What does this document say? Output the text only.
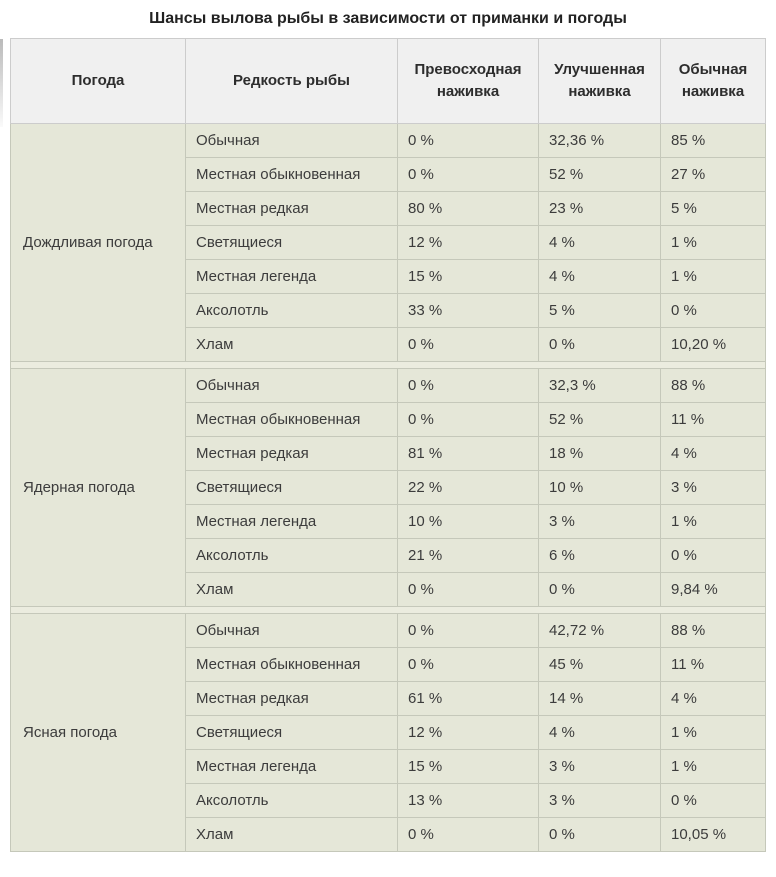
Шансы вылова рыбы в зависимости от приманки и погоды
Погода	Редкость рыбы	Превосходная наживка	Улучшенная наживка	Обычная наживка
Дождливая погода	Обычная	0 %	32,36 %	85 %
	Местная обыкновенная	0 %	52 %	27 %
	Местная редкая	80 %	23 %	5 %
	Светящиеся	12 %	4 %	1 %
	Местная легенда	15 %	4 %	1 %
	Аксолотль	33 %	5 %	0 %
	Хлам	0 %	0 %	10,20 %

Ядерная погода	Обычная	0 %	32,3 %	88 %
	Местная обыкновенная	0 %	52 %	11 %
	Местная редкая	81 %	18 %	4 %
	Светящиеся	22 %	10 %	3 %
	Местная легенда	10 %	3 %	1 %
	Аксолотль	21 %	6 %	0 %
	Хлам	0 %	0 %	9,84 %

Ясная погода	Обычная	0 %	42,72 %	88 %
	Местная обыкновенная	0 %	45 %	11 %
	Местная редкая	61 %	14 %	4 %
	Светящиеся	12 %	4 %	1 %
	Местная легенда	15 %	3 %	1 %
	Аксолотль	13 %	3 %	0 %
	Хлам	0 %	0 %	10,05 %
